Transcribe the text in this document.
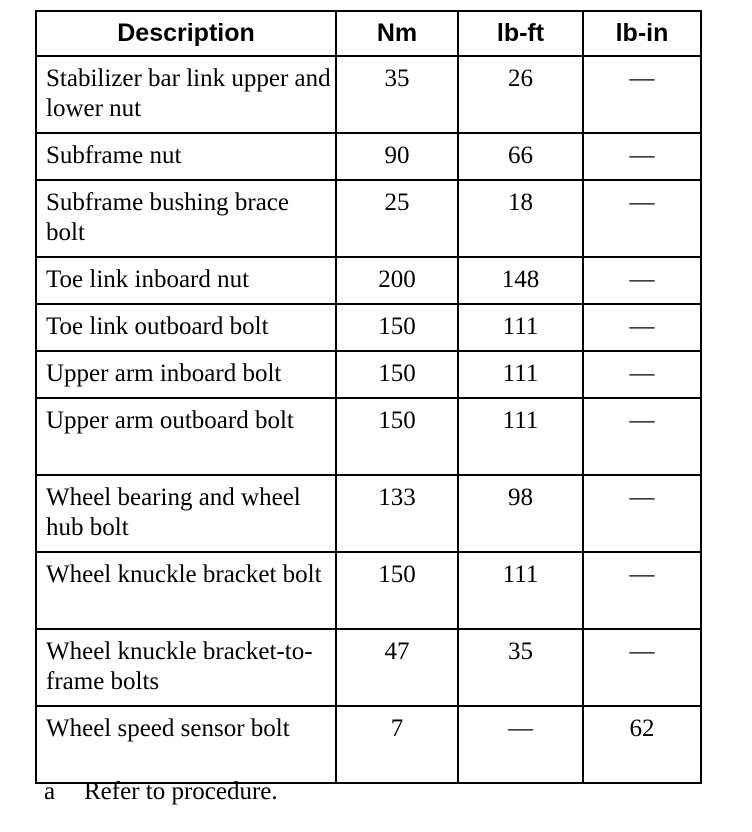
Description	Nm	lb-ft	lb-in
Stabilizer bar link upper and lower nut	35	26	—
Subframe nut	90	66	—
Subframe bushing brace bolt	25	18	—
Toe link inboard nut	200	148	—
Toe link outboard bolt	150	111	—
Upper arm inboard bolt	150	111	—
Upper arm outboard bolt	150	111	—
Wheel bearing and wheel hub bolt	133	98	—
Wheel knuckle bracket bolt	150	111	—
Wheel knuckle bracket-to-frame bolts	47	35	—
Wheel speed sensor bolt	7	—	62
a Refer to procedure.
